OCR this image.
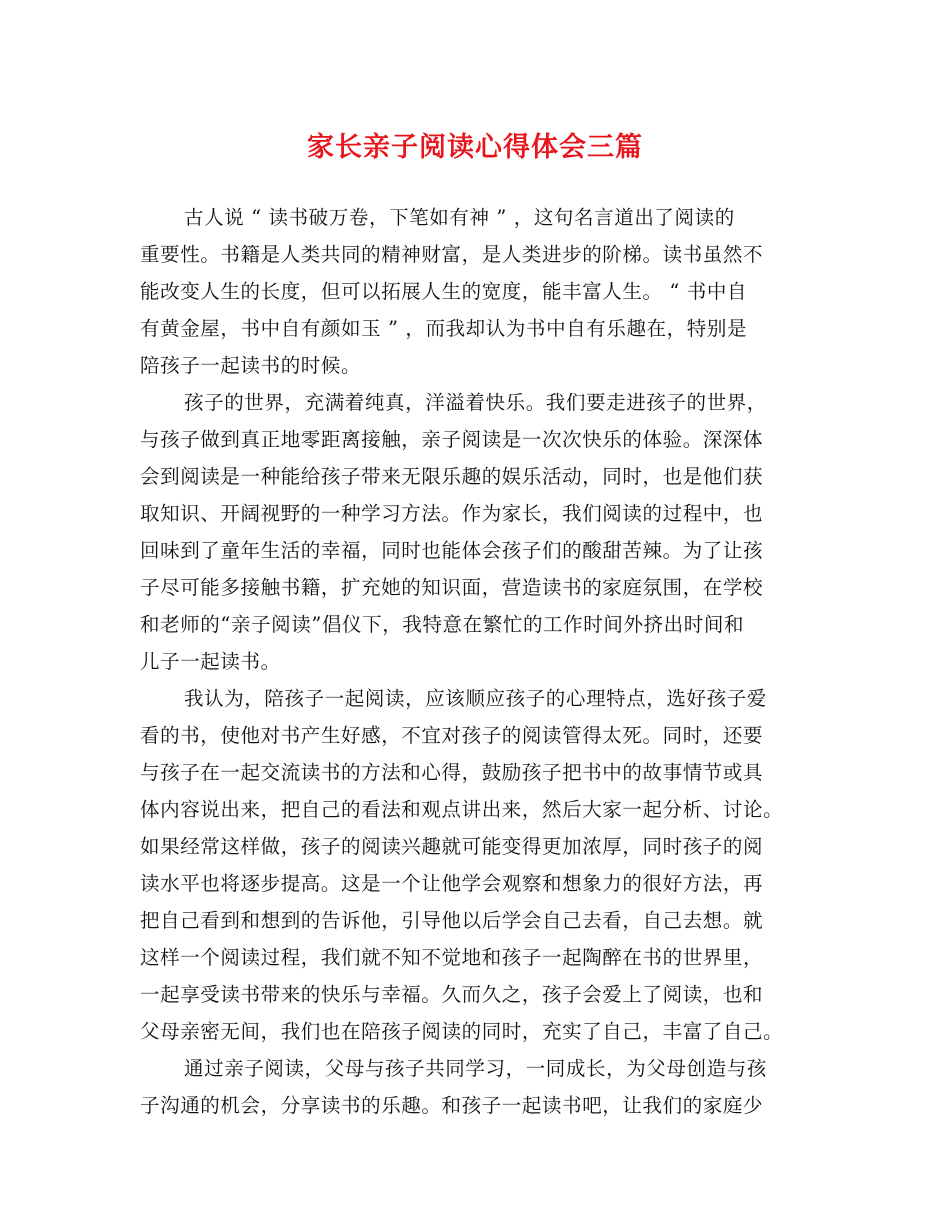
家长亲子阅读心得体会三篇
古人说 “ 读书破万卷，下笔如有神 ” ，这句名言道出了阅读的
重要性。书籍是人类共同的精神财富，是人类进步的阶梯。读书虽然不
能改变人生的长度，但可以拓展人生的宽度，能丰富人生。 “ 书中自
有黄金屋，书中自有颜如玉 ” ，而我却认为书中自有乐趣在，特别是
陪孩子一起读书的时候。
孩子的世界，充满着纯真，洋溢着快乐。我们要走进孩子的世界，
与孩子做到真正地零距离接触，亲子阅读是一次次快乐的体验。深深体
会到阅读是一种能给孩子带来无限乐趣的娱乐活动，同时，也是他们获
取知识、开阔视野的一种学习方法。作为家长，我们阅读的过程中，也
回味到了童年生活的幸福，同时也能体会孩子们的酸甜苦辣。为了让孩
子尽可能多接触书籍，扩充她的知识面，营造读书的家庭氛围，在学校
和老师的“亲子阅读”倡仪下，我特意在繁忙的工作时间外挤出时间和
儿子一起读书。
我认为，陪孩子一起阅读，应该顺应孩子的心理特点，选好孩子爱
看的书，使他对书产生好感，不宜对孩子的阅读管得太死。同时，还要
与孩子在一起交流读书的方法和心得，鼓励孩子把书中的故事情节或具
体内容说出来，把自己的看法和观点讲出来，然后大家一起分析、讨论。
如果经常这样做，孩子的阅读兴趣就可能变得更加浓厚，同时孩子的阅
读水平也将逐步提高。这是一个让他学会观察和想象力的很好方法，再
把自己看到和想到的告诉他，引导他以后学会自己去看，自己去想。就
这样一个阅读过程，我们就不知不觉地和孩子一起陶醉在书的世界里，
一起享受读书带来的快乐与幸福。久而久之，孩子会爱上了阅读，也和
父母亲密无间，我们也在陪孩子阅读的同时，充实了自己，丰富了自己。
通过亲子阅读，父母与孩子共同学习，一同成长，为父母创造与孩
子沟通的机会，分享读书的乐趣。和孩子一起读书吧，让我们的家庭少
